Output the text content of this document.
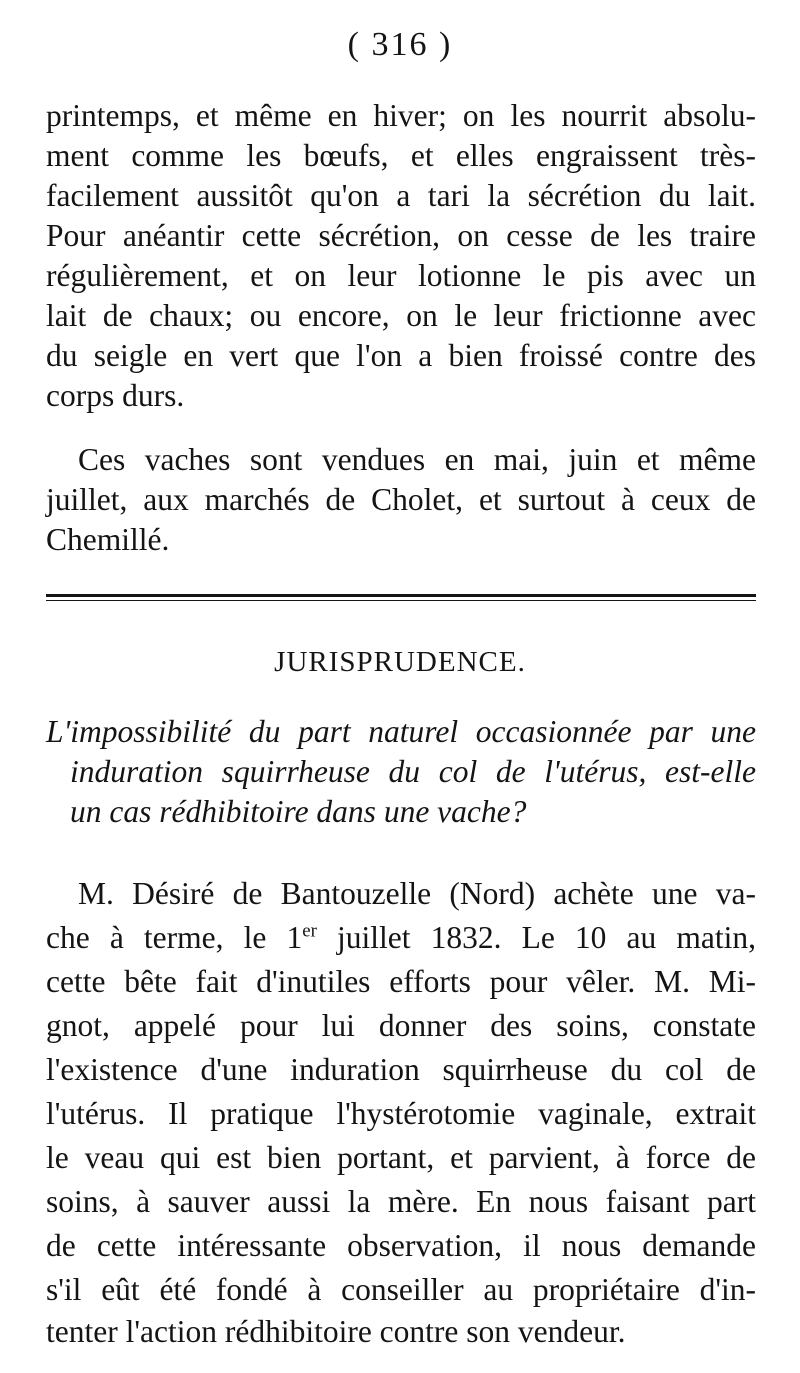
( 316 )
printemps, et même en hiver; on les nourrit absolu-
ment comme les bœufs, et elles engraissent très-
facilement aussitôt qu'on a tari la sécrétion du lait.
Pour anéantir cette sécrétion, on cesse de les traire
régulièrement, et on leur lotionne le pis avec un
lait de chaux; ou encore, on le leur frictionne avec
du seigle en vert que l'on a bien froissé contre des
corps durs.
Ces vaches sont vendues en mai, juin et même
juillet, aux marchés de Cholet, et surtout à ceux de
Chemillé.
JURISPRUDENCE.
L'impossibilité du part naturel occasionnée par une
induration squirrheuse du col de l'utérus, est-elle
un cas rédhibitoire dans une vache?
M. Désiré de Bantouzelle (Nord) achète une va-
che à terme, le 1er juillet 1832. Le 10 au matin,
cette bête fait d'inutiles efforts pour vêler. M. Mi-
gnot, appelé pour lui donner des soins, constate
l'existence d'une induration squirrheuse du col de
l'utérus. Il pratique l'hystérotomie vaginale, extrait
le veau qui est bien portant, et parvient, à force de
soins, à sauver aussi la mère. En nous faisant part
de cette intéressante observation, il nous demande
s'il eût été fondé à conseiller au propriétaire d'in-
tenter l'action rédhibitoire contre son vendeur.
